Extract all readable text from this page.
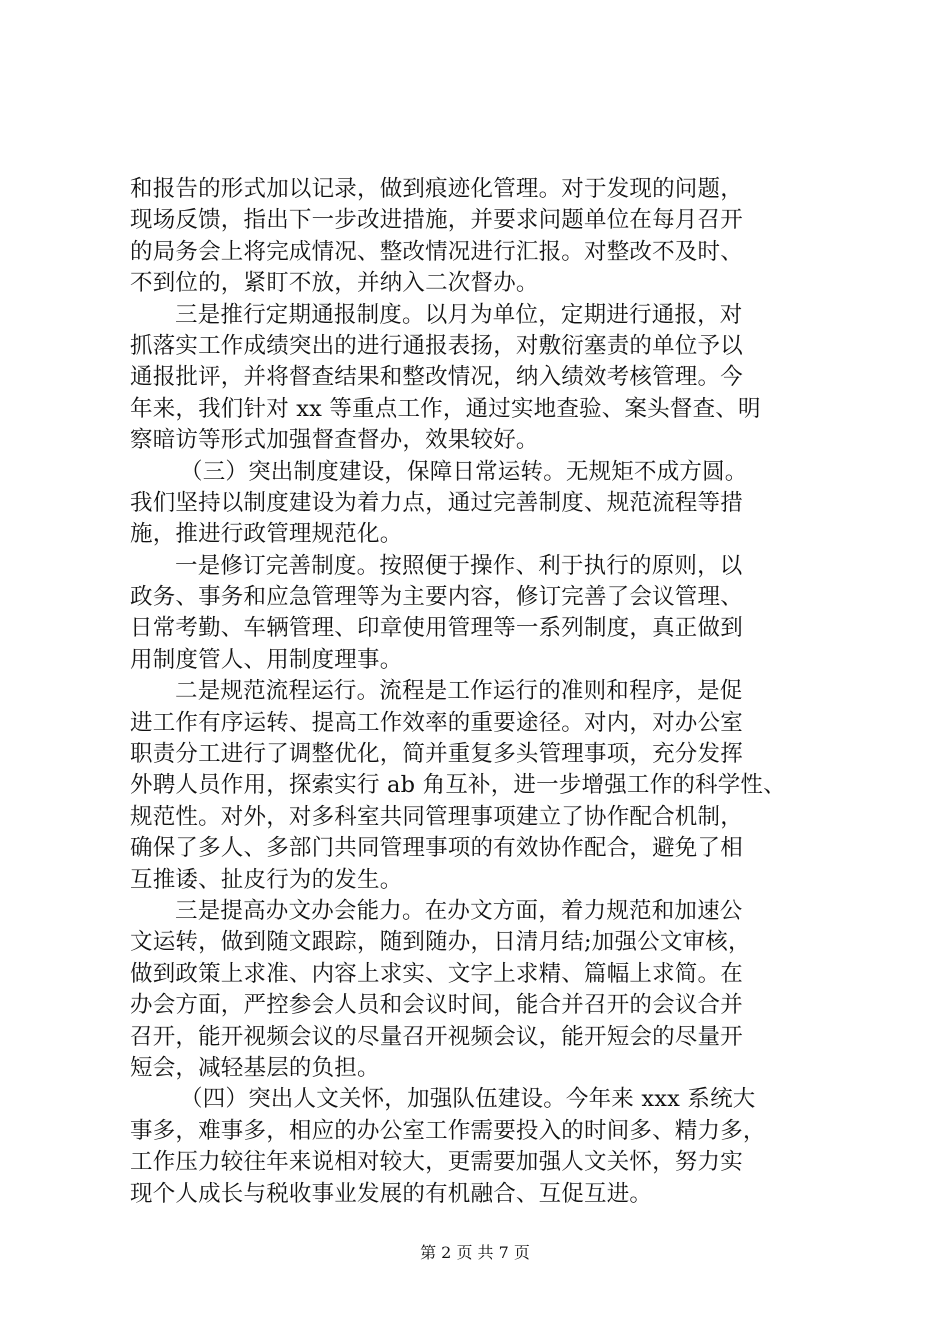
和报告的形式加以记录，做到痕迹化管理。对于发现的问题，
现场反馈，指出下一步改进措施，并要求问题单位在每月召开
的局务会上将完成情况、整改情况进行汇报。对整改不及时、
不到位的，紧盯不放，并纳入二次督办。
三是推行定期通报制度。以月为单位，定期进行通报，对
抓落实工作成绩突出的进行通报表扬，对敷衍塞责的单位予以
通报批评，并将督查结果和整改情况，纳入绩效考核管理。今
年来，我们针对 xx 等重点工作，通过实地查验、案头督查、明
察暗访等形式加强督查督办，效果较好。
（三）突出制度建设，保障日常运转。无规矩不成方圆。
我们坚持以制度建设为着力点，通过完善制度、规范流程等措
施，推进行政管理规范化。
一是修订完善制度。按照便于操作、利于执行的原则，以
政务、事务和应急管理等为主要内容，修订完善了会议管理、
日常考勤、车辆管理、印章使用管理等一系列制度，真正做到
用制度管人、用制度理事。
二是规范流程运行。流程是工作运行的准则和程序，是促
进工作有序运转、提高工作效率的重要途径。对内，对办公室
职责分工进行了调整优化，简并重复多头管理事项，充分发挥
外聘人员作用，探索实行 ab 角互补，进一步增强工作的科学性、
规范性。对外，对多科室共同管理事项建立了协作配合机制，
确保了多人、多部门共同管理事项的有效协作配合，避免了相
互推诿、扯皮行为的发生。
三是提高办文办会能力。在办文方面，着力规范和加速公
文运转，做到随文跟踪，随到随办，日清月结;加强公文审核，
做到政策上求准、内容上求实、文字上求精、篇幅上求简。在
办会方面，严控参会人员和会议时间，能合并召开的会议合并
召开，能开视频会议的尽量召开视频会议，能开短会的尽量开
短会，减轻基层的负担。
（四）突出人文关怀，加强队伍建设。今年来 xxx 系统大
事多，难事多，相应的办公室工作需要投入的时间多、精力多，
工作压力较往年来说相对较大，更需要加强人文关怀，努力实
现个人成长与税收事业发展的有机融合、互促互进。
第 2 页 共 7 页
